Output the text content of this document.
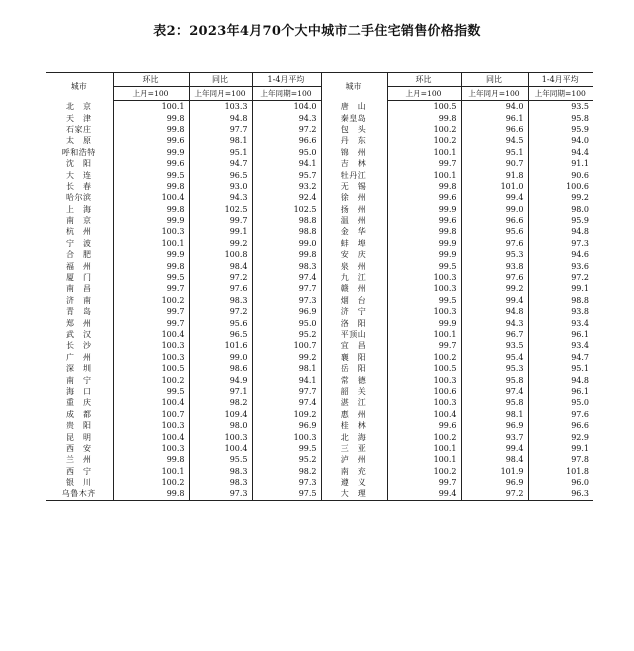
表2：2023年4月70个大中城市二手住宅销售价格指数
城市	环比	同比	1-4月平均	城市	环比	同比	1-4月平均
	上月=100	上年同月=100	上年同期=100		上月=100	上年同月=100	上年同期=100
北　京	100.1	103.3	104.0	唐　山	100.5	94.0	93.5
天　津	99.8	94.8	94.3	秦皇岛	99.8	96.1	95.8
石家庄	99.8	97.7	97.2	包　头	100.2	96.6	95.9
太　原	99.6	98.1	96.6	丹　东	100.2	94.5	94.0
呼和浩特	99.9	95.1	95.0	锦　州	100.1	95.1	94.4
沈　阳	99.6	94.7	94.1	吉　林	99.7	90.7	91.1
大　连	99.5	96.5	95.7	牡丹江	100.1	91.8	90.6
长　春	99.8	93.0	93.2	无　锡	99.8	101.0	100.6
哈尔滨	100.4	94.3	92.4	徐　州	99.6	99.4	99.2
上　海	99.8	102.5	102.5	扬　州	99.9	99.0	98.0
南　京	99.9	99.7	98.8	温　州	99.6	96.6	95.9
杭　州	100.3	99.1	98.8	金　华	99.8	95.6	94.8
宁　波	100.1	99.2	99.0	蚌　埠	99.9	97.6	97.3
合　肥	99.9	100.8	99.8	安　庆	99.9	95.3	94.6
福　州	99.8	98.4	98.3	泉　州	99.5	93.8	93.6
厦　门	99.5	97.2	97.4	九　江	100.3	97.6	97.2
南　昌	99.7	97.6	97.7	赣　州	100.3	99.2	99.1
济　南	100.2	98.3	97.3	烟　台	99.5	99.4	98.8
青　岛	99.7	97.2	96.9	济　宁	100.3	94.8	93.8
郑　州	99.7	95.6	95.0	洛　阳	99.9	94.3	93.4
武　汉	100.4	96.5	95.2	平顶山	100.1	96.7	96.1
长　沙	100.3	101.6	100.7	宜　昌	99.7	93.5	93.4
广　州	100.3	99.0	99.2	襄　阳	100.2	95.4	94.7
深　圳	100.5	98.6	98.1	岳　阳	100.5	95.3	95.1
南　宁	100.2	94.9	94.1	常　德	100.3	95.8	94.8
海　口	99.5	97.1	97.7	韶　关	100.6	97.4	96.1
重　庆	100.4	98.2	97.4	湛　江	100.3	95.8	95.0
成　都	100.7	109.4	109.2	惠　州	100.4	98.1	97.6
贵　阳	100.3	98.0	96.9	桂　林	99.6	96.9	96.6
昆　明	100.4	100.3	100.3	北　海	100.2	93.7	92.9
西　安	100.3	100.4	99.5	三　亚	100.1	99.4	99.1
兰　州	99.8	95.5	95.2	泸　州	100.1	98.4	97.8
西　宁	100.1	98.3	98.2	南　充	100.2	101.9	101.8
银　川	100.2	98.3	97.3	遵　义	99.7	96.9	96.0
乌鲁木齐	99.8	97.3	97.5	大　理	99.4	97.2	96.3
